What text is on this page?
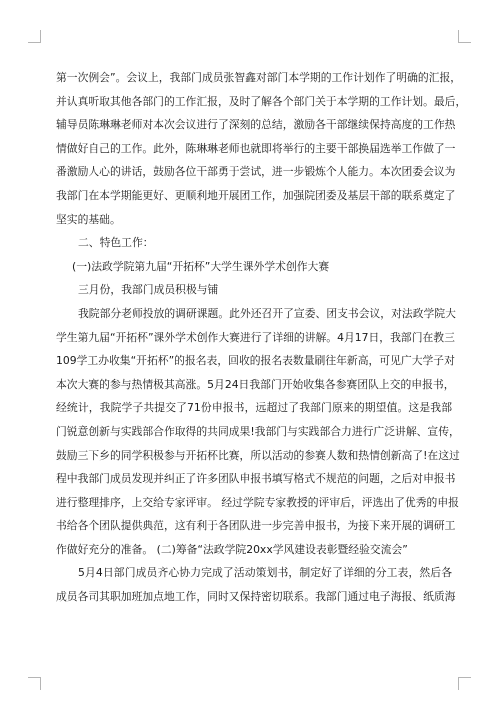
第一次例会”。会议上，我部门成员张智鑫对部门本学期的工作计划作了明确的汇报，
并认真听取其他各部门的工作汇报，及时了解各个部门关于本学期的工作计划。最后，
辅导员陈琳琳老师对本次会议进行了深刻的总结，激励各干部继续保持高度的工作热
情做好自己的工作。此外，陈琳琳老师也就即将举行的主要干部换届选举工作做了一
番激励人心的讲话，鼓励各位干部勇于尝试，进一步锻炼个人能力。本次团委会议为
我部门在本学期能更好、更顺利地开展团工作，加强院团委及基层干部的联系奠定了
坚实的基础。
二、特色工作：
(一)法政学院第九届“开拓杯”大学生课外学术创作大赛
三月份，我部门成员积极与铺
我院部分老师投放的调研课题。此外还召开了宣委、团支书会议，对法政学院大
学生第九届“开拓杯”课外学术创作大赛进行了详细的讲解。4月17日，我部门在教三
109学工办收集“开拓杯”的报名表，回收的报名表数量刷往年新高，可见广大学子对
本次大赛的参与热情极其高涨。5月24日我部门开始收集各参赛团队上交的申报书，
经统计，我院学子共提交了71份申报书，远超过了我部门原来的期望值。这是我部
门锐意创新与实践部合作取得的共同成果!我部门与实践部合力进行广泛讲解、宣传，
鼓励三下乡的同学积极参与开拓杯比赛，所以活动的参赛人数和热情创新高了!在这过
程中我部门成员发现并纠正了许多团队申报书填写格式不规范的问题，之后对申报书
进行整理排序，上交给专家评审。 经过学院专家教授的评审后，评选出了优秀的申报
书给各个团队提供典范，这有利于各团队进一步完善申报书，为接下来开展的调研工
作做好充分的准备。 (二)筹备“法政学院20xx学风建设表彰暨经验交流会”
5月4日部门成员齐心协力完成了活动策划书，制定好了详细的分工表，然后各
成员各司其职加班加点地工作，同时又保持密切联系。我部门通过电子海报、纸质海
